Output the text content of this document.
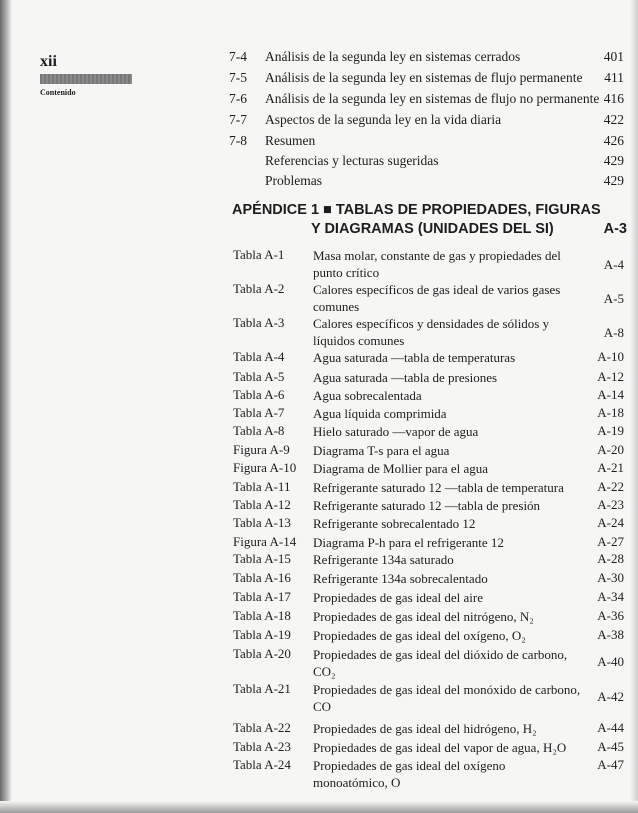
xii
Contenido
7-4 Análisis de la segunda ley en sistemas cerrados	401
7-5 Análisis de la segunda ley en sistemas de flujo permanente 411
7-6 Análisis de la segunda ley en sistemas de flujo no permanente 416
7-7 Aspectos de la segunda ley en la vida diaria	422
7-8 Resumen	426
Referencias y lecturas sugeridas	429
Problemas	429
APÉNDICE 1 ■ TABLAS DE PROPIEDADES, FIGURAS
Y DIAGRAMAS (UNIDADES DEL SI)	A-3
Tabla A-1 Masa molar, constante de gas y propiedades del punto crítico
A-4
Tabla A-2 Calores específicos de gas ideal de varios gases comunes
A-5
Tabla A-3 Calores específicos y densidades de sólidos y líquidos comunes
A-8
Tabla A-4 Agua saturada —tabla de temperaturas	A-10
Tabla A-5 Agua saturada —tabla de presiones	A-12
Tabla A-6 Agua sobrecalentada	A-14
Tabla A-7 Agua líquida comprimida	A-18
Tabla A-8 Hielo saturado —vapor de agua	A-19
Figura A-9 Diagrama T-s para el agua	A-20
Figura A-10 Diagrama de Mollier para el agua	A-21
Tabla A-11 Refrigerante saturado 12 —tabla de temperatura	A-22
Tabla A-12 Refrigerante saturado 12 —tabla de presión	A-23
Tabla A-13 Refrigerante sobrecalentado 12	A-24
Figura A-14 Diagrama P-h para el refrigerante 12	A-27
Tabla A-15 Refrigerante 134a saturado	A-28
Tabla A-16 Refrigerante 134a sobrecalentado	A-30
Tabla A-17 Propiedades de gas ideal del aire	A-34
Tabla A-18 Propiedades de gas ideal del nitrógeno, N₂	A-36
Tabla A-19 Propiedades de gas ideal del oxígeno, O₂	A-38
Tabla A-20 Propiedades de gas ideal del dióxido de carbono, CO₂
A-40
Tabla A-21 Propiedades de gas ideal del monóxido de carbono, CO
A-42
Tabla A-22 Propiedades de gas ideal del hidrógeno, H₂	A-44
Tabla A-23 Propiedades de gas ideal del vapor de agua, H₂O	A-45
Tabla A-24 Propiedades de gas ideal del oxígeno monoatómico, O
A-47
